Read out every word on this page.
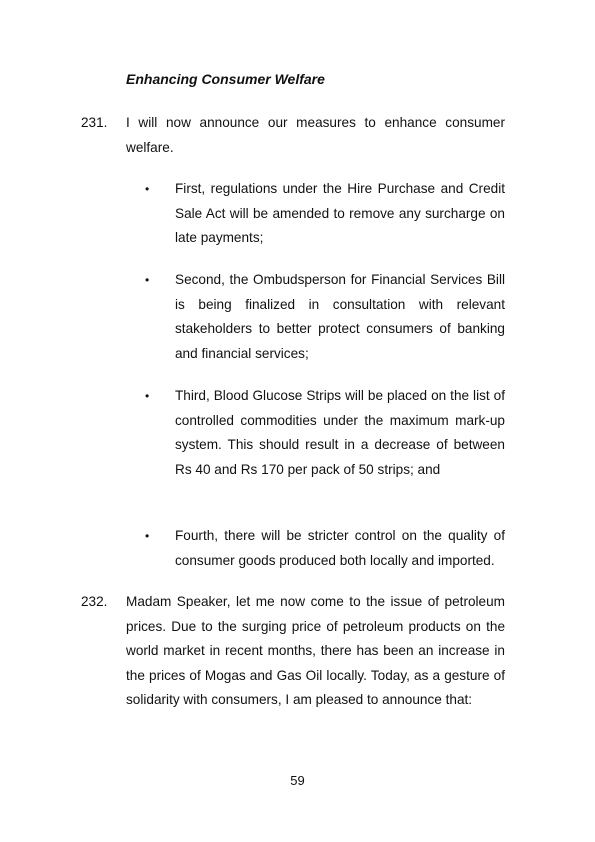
Enhancing Consumer Welfare
231. I will now announce our measures to enhance consumer welfare.

• First, regulations under the Hire Purchase and Credit Sale Act will be amended to remove any surcharge on late payments;

• Second, the Ombudsperson for Financial Services Bill is being finalized in consultation with relevant stakeholders to better protect consumers of banking and financial services;

• Third, Blood Glucose Strips will be placed on the list of controlled commodities under the maximum mark-up system. This should result in a decrease of between Rs 40 and Rs 170 per pack of 50 strips; and

• Fourth, there will be stricter control on the quality of consumer goods produced both locally and imported.

232. Madam Speaker, let me now come to the issue of petroleum prices. Due to the surging price of petroleum products on the world market in recent months, there has been an increase in the prices of Mogas and Gas Oil locally. Today, as a gesture of solidarity with consumers, I am pleased to announce that:

59
